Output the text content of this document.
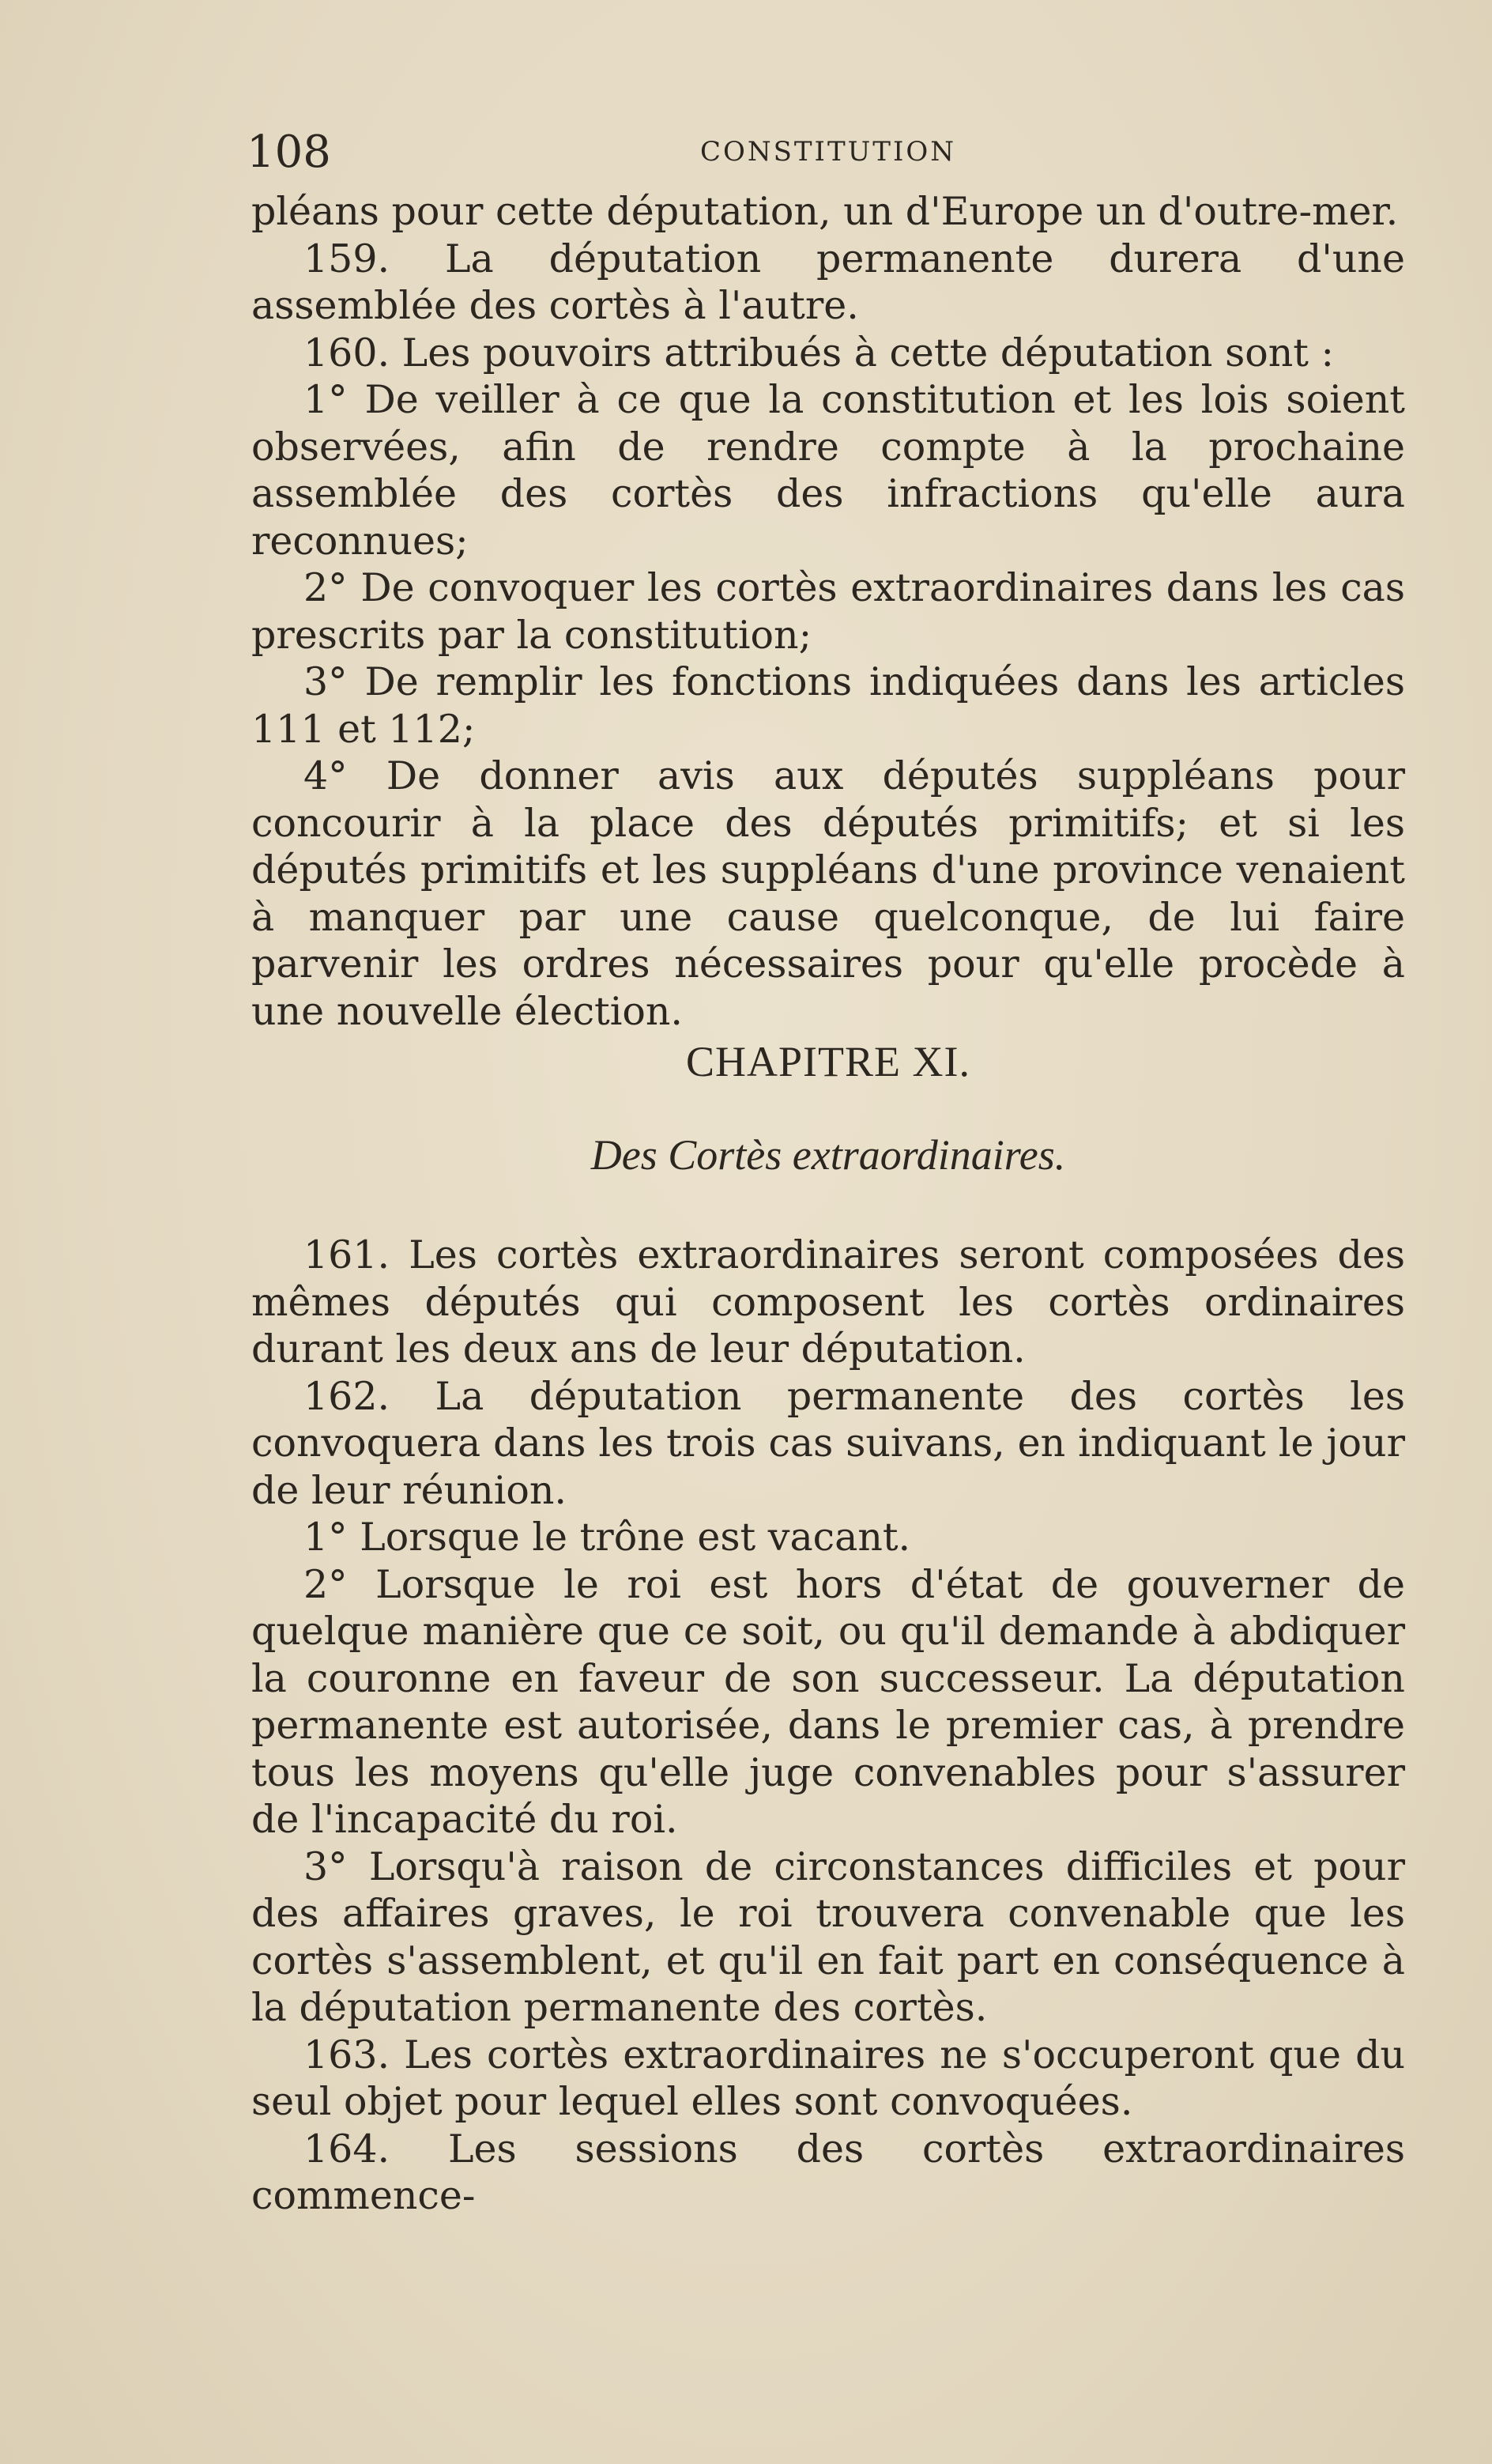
108	CONSTITUTION

pléans pour cette députation, un d'Europe un d'outre-mer.

159. La députation permanente durera d'une assemblée des cortès à l'autre.

160. Les pouvoirs attribués à cette députation sont :

1° De veiller à ce que la constitution et les lois soient observées, afin de rendre compte à la prochaine assemblée des cortès des infractions qu'elle aura reconnues;

2° De convoquer les cortès extraordinaires dans les cas prescrits par la constitution;

3° De remplir les fonctions indiquées dans les articles 111 et 112;

4° De donner avis aux députés suppléans pour concourir à la place des députés primitifs; et si les députés primitifs et les suppléans d'une province venaient à manquer par une cause quelconque, de lui faire parvenir les ordres nécessaires pour qu'elle procède à une nouvelle élection.

CHAPITRE XI.
Des Cortès extraordinaires.

161. Les cortès extraordinaires seront composées des mêmes députés qui composent les cortès ordinaires durant les deux ans de leur députation.

162. La députation permanente des cortès les convoquera dans les trois cas suivans, en indiquant le jour de leur réunion.

1° Lorsque le trône est vacant.

2° Lorsque le roi est hors d'état de gouverner de quelque manière que ce soit, ou qu'il demande à abdiquer la couronne en faveur de son successeur. La députation permanente est autorisée, dans le premier cas, à prendre tous les moyens qu'elle juge convenables pour s'assurer de l'incapacité du roi.

3° Lorsqu'à raison de circonstances difficiles et pour des affaires graves, le roi trouvera convenable que les cortès s'assemblent, et qu'il en fait part en conséquence à la députation permanente des cortès.

163. Les cortès extraordinaires ne s'occuperont que du seul objet pour lequel elles sont convoquées.

164. Les sessions des cortès extraordinaires commence-
